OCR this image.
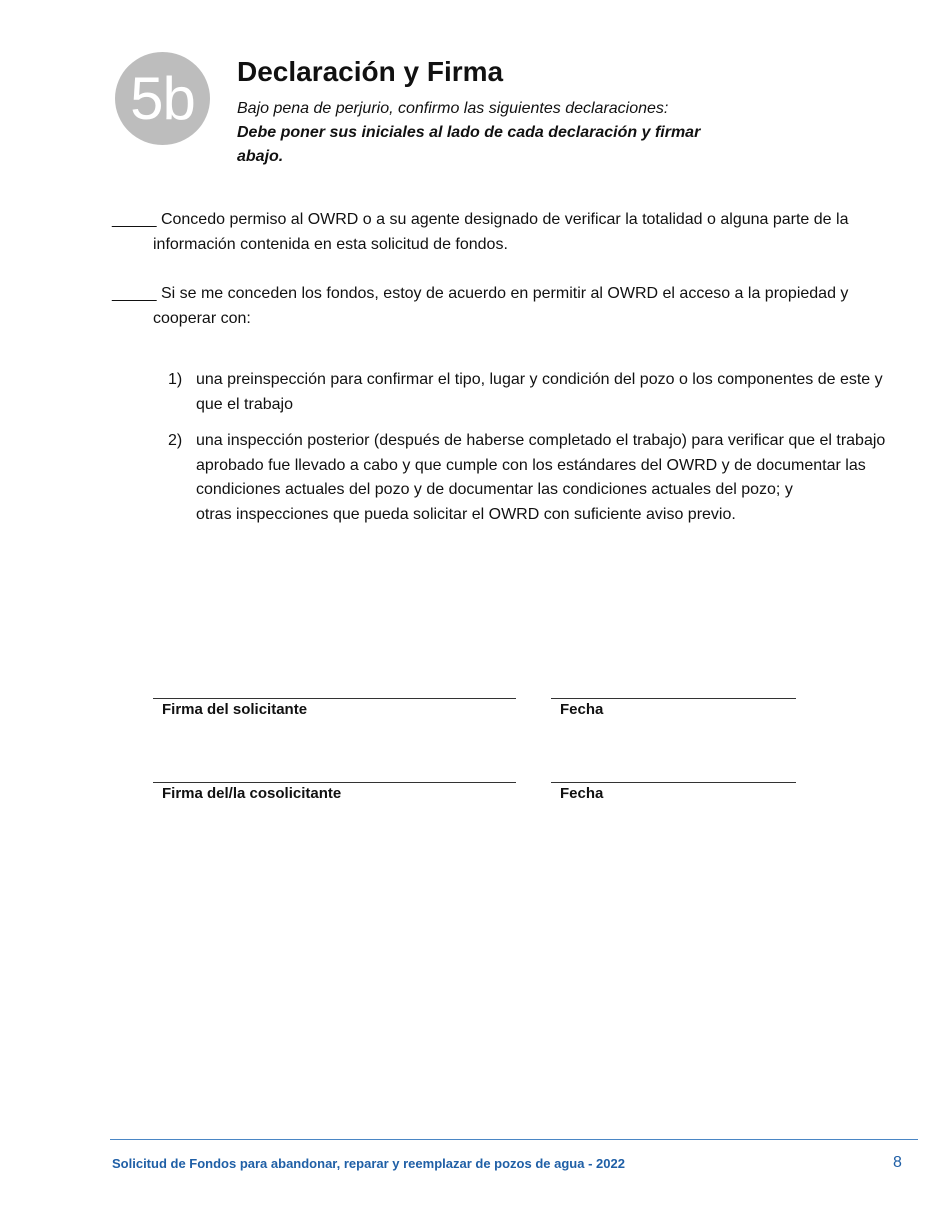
5b	Declaración y Firma
Bajo pena de perjurio, confirmo las siguientes declaraciones:
Debe poner sus iniciales al lado de cada declaración y firmar abajo.
_____ Concedo permiso al OWRD o a su agente designado de verificar la totalidad o alguna parte de la
información contenida en esta solicitud de fondos.
_____ Si se me conceden los fondos, estoy de acuerdo en permitir al OWRD el acceso a la propiedad y
cooperar con:
1) una preinspección para confirmar el tipo, lugar y condición del pozo o los componentes de este y que el trabajo
2) una inspección posterior (después de haberse completado el trabajo) para verificar que el trabajo aprobado fue llevado a cabo y que cumple con los estándares del OWRD y de documentar las condiciones actuales del pozo y de documentar las condiciones actuales del pozo; y
otras inspecciones que pueda solicitar el OWRD con suficiente aviso previo.
Firma del solicitante	Fecha
Firma del/la cosolicitante	Fecha
Solicitud de Fondos para abandonar, reparar y reemplazar de pozos de agua - 2022	8
